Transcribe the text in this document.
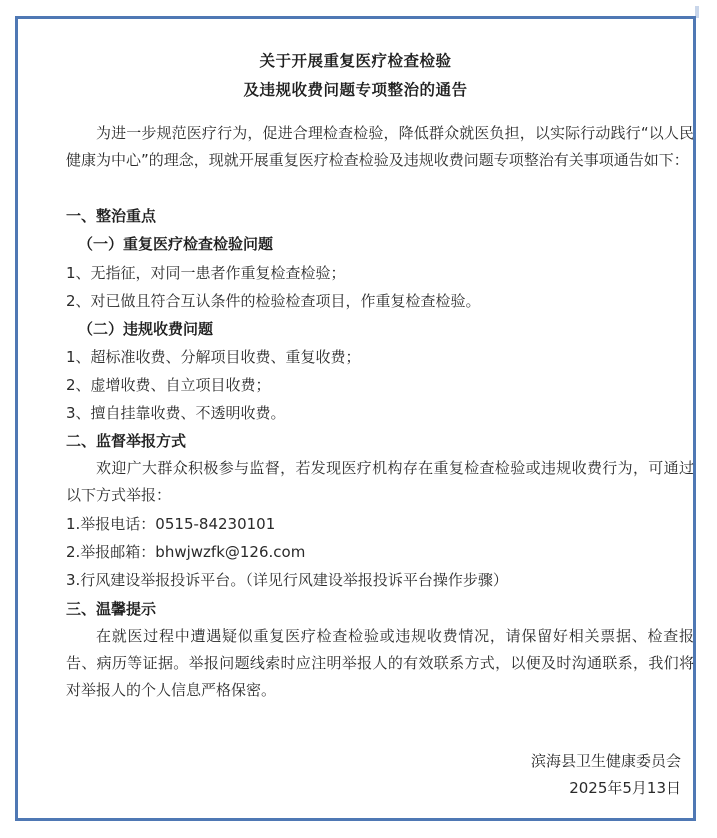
关于开展重复医疗检查检验
及违规收费问题专项整治的通告
为进一步规范医疗行为，促进合理检查检验，降低群众就医负担，以实际行动践行“以人民健康为中心”的理念，现就开展重复医疗检查检验及违规收费问题专项整治有关事项通告如下：
一、整治重点
（一）重复医疗检查检验问题
1、无指征，对同一患者作重复检查检验；
2、对已做且符合互认条件的检验检查项目，作重复检查检验。
（二）违规收费问题
1、超标准收费、分解项目收费、重复收费；
2、虚增收费、自立项目收费；
3、擅自挂靠收费、不透明收费。
二、监督举报方式
欢迎广大群众积极参与监督，若发现医疗机构存在重复检查检验或违规收费行为，可通过以下方式举报：
1.举报电话：0515-84230101
2.举报邮箱：bhwjwzfk@126.com
3.行风建设举报投诉平台。（详见行风建设举报投诉平台操作步骤）
三、温馨提示
在就医过程中遭遇疑似重复医疗检查检验或违规收费情况，请保留好相关票据、检查报告、病历等证据。举报问题线索时应注明举报人的有效联系方式，以便及时沟通联系，我们将对举报人的个人信息严格保密。
滨海县卫生健康委员会
2025年5月13日
